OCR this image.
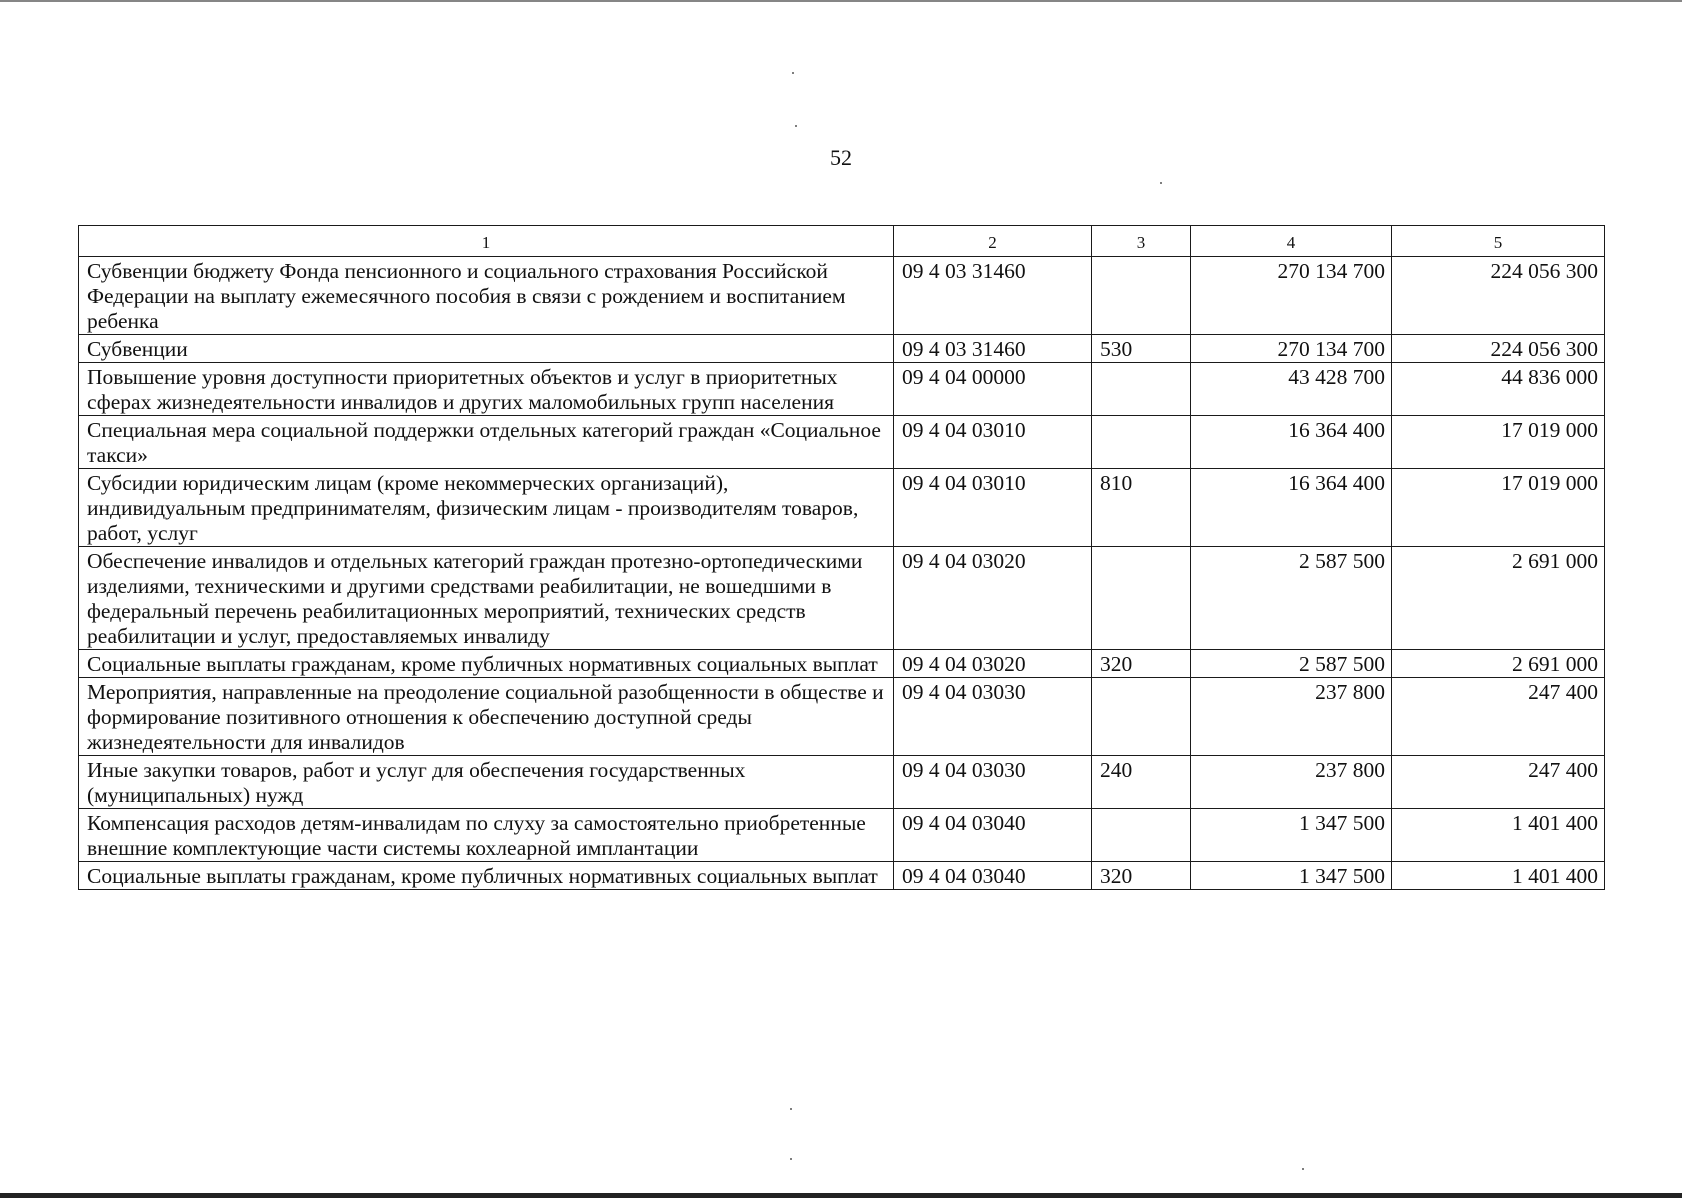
52
1	2	3	4	5
Субвенции бюджету Фонда пенсионного и социального страхования Российской Федерации на выплату ежемесячного пособия в связи с рождением и воспитанием ребенка	09 4 03 31460		270 134 700	224 056 300
Субвенции	09 4 03 31460	530	270 134 700	224 056 300
Повышение уровня доступности приоритетных объектов и услуг в приоритетных сферах жизнедеятельности инвалидов и других маломобильных групп населения	09 4 04 00000		43 428 700	44 836 000
Специальная мера социальной поддержки отдельных категорий граждан «Социальное такси»	09 4 04 03010		16 364 400	17 019 000
Субсидии юридическим лицам (кроме некоммерческих организаций), индивидуальным предпринимателям, физическим лицам - производителям товаров, работ, услуг	09 4 04 03010	810	16 364 400	17 019 000
Обеспечение инвалидов и отдельных категорий граждан протезно-ортопедическими изделиями, техническими и другими средствами реабилитации, не вошедшими в федеральный перечень реабилитационных мероприятий, технических средств реабилитации и услуг, предоставляемых инвалиду	09 4 04 03020		2 587 500	2 691 000
Социальные выплаты гражданам, кроме публичных нормативных социальных выплат	09 4 04 03020	320	2 587 500	2 691 000
Мероприятия, направленные на преодоление социальной разобщенности в обществе и формирование позитивного отношения к обеспечению доступной среды жизнедеятельности для инвалидов	09 4 04 03030		237 800	247 400
Иные закупки товаров, работ и услуг для обеспечения государственных (муниципальных) нужд	09 4 04 03030	240	237 800	247 400
Компенсация расходов детям-инвалидам по слуху за самостоятельно приобретенные внешние комплектующие части системы кохлеарной имплантации	09 4 04 03040		1 347 500	1 401 400
Социальные выплаты гражданам, кроме публичных нормативных социальных выплат	09 4 04 03040	320	1 347 500	1 401 400
